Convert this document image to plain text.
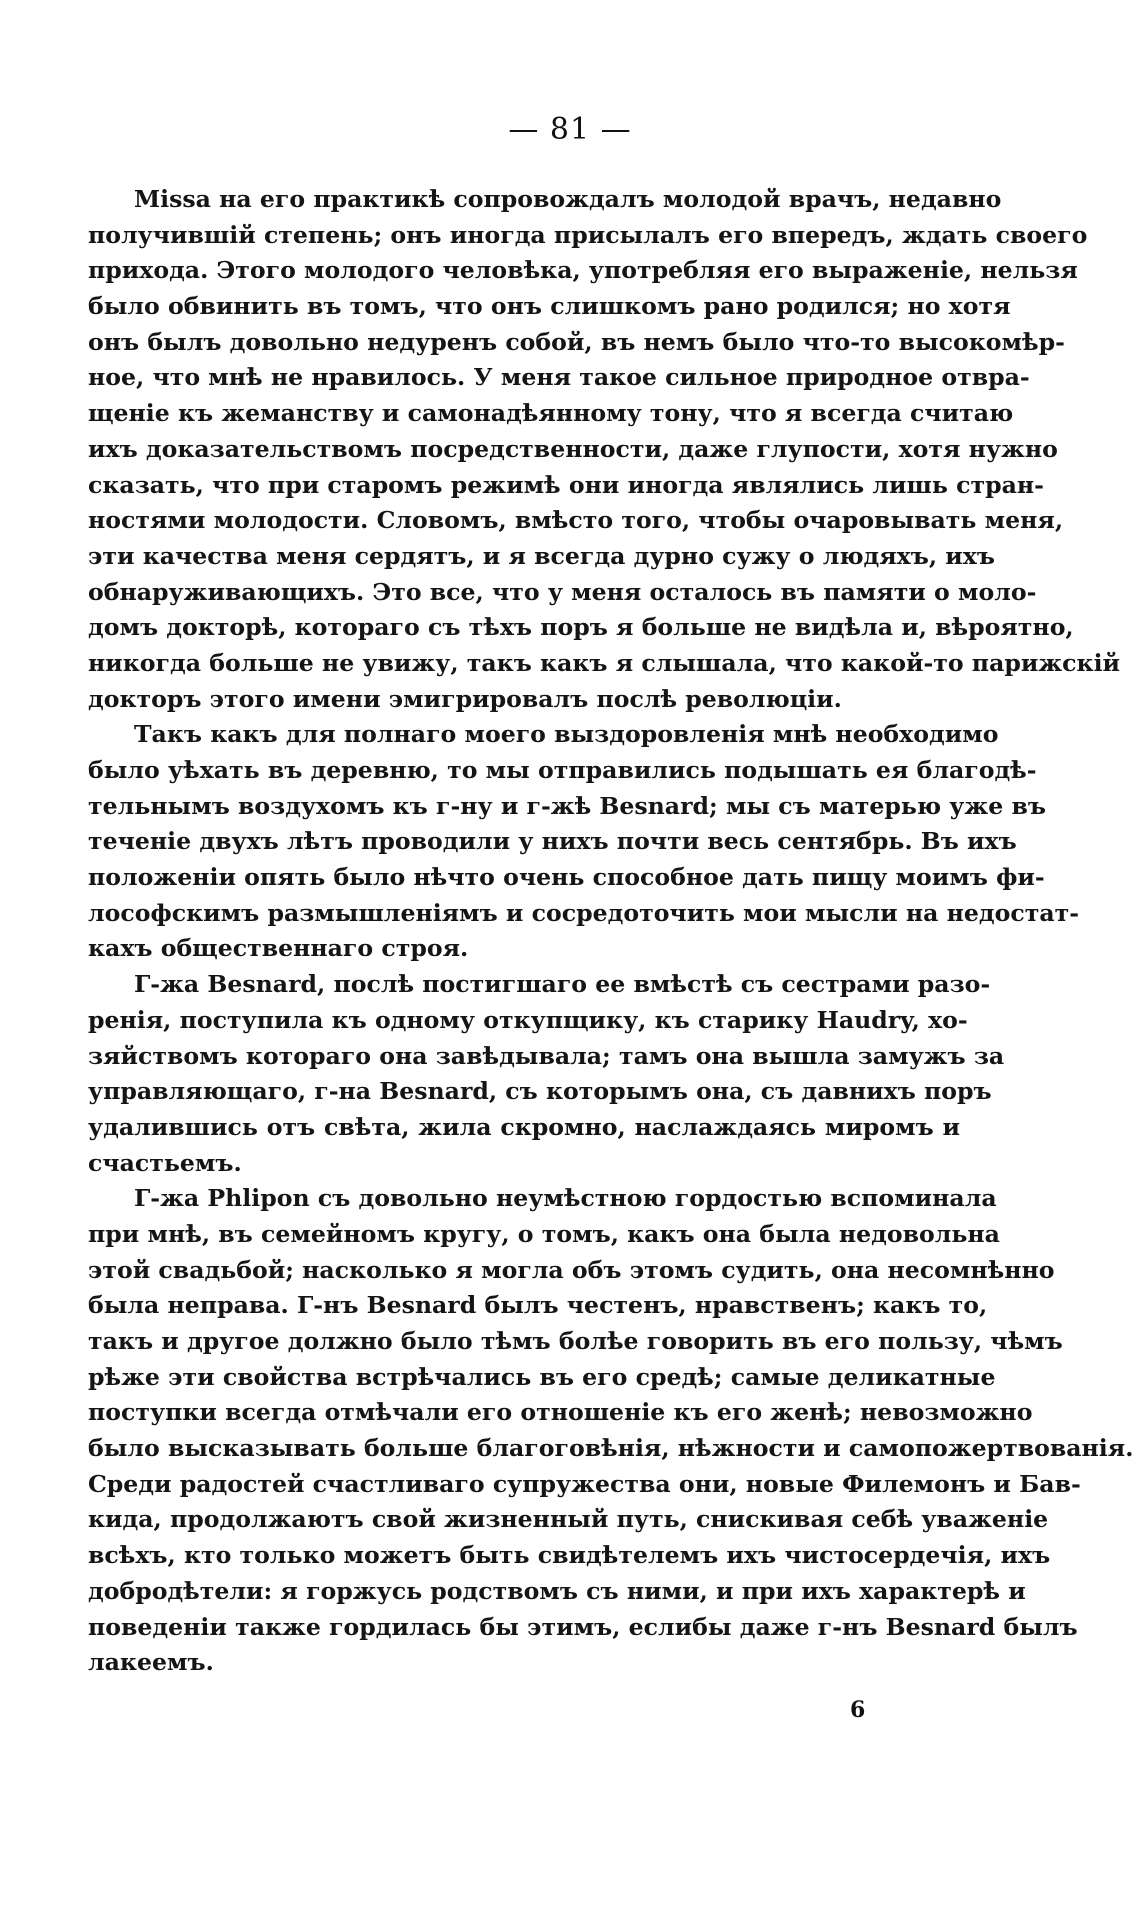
— 81 —
Missa на его практикѣ сопровождалъ молодой врачъ, недавно
получившій степень; онъ иногда присылалъ его впередъ, ждать своего
прихода. Этого молодого человѣка, употребляя его выраженіе, нельзя
было обвинить въ томъ, что онъ слишкомъ рано родился; но хотя
онъ былъ довольно недуренъ собой, въ немъ было что-то высокомѣр-
ное, что мнѣ не нравилось. У меня такое сильное природное отвра-
щеніе къ жеманству и самонадѣянному тону, что я всегда считаю
ихъ доказательствомъ посредственности, даже глупости, хотя нужно
сказать, что при старомъ режимѣ они иногда являлись лишь стран-
ностями молодости. Словомъ, вмѣсто того, чтобы очаровывать меня,
эти качества меня сердятъ, и я всегда дурно сужу о людяхъ, ихъ
обнаруживающихъ. Это все, что у меня осталось въ памяти о моло-
домъ докторѣ, котораго съ тѣхъ поръ я больше не видѣла и, вѣроятно,
никогда больше не увижу, такъ какъ я слышала, что какой-то парижскій
докторъ этого имени эмигрировалъ послѣ революціи.
Такъ какъ для полнаго моего выздоровленія мнѣ необходимо
было уѣхать въ деревню, то мы отправились подышать ея благодѣ-
тельнымъ воздухомъ къ г-ну и г-жѣ Besnard; мы съ матерью уже въ
теченіе двухъ лѣтъ проводили у нихъ почти весь сентябрь. Въ ихъ
положеніи опять было нѣчто очень способное дать пищу моимъ фи-
лософскимъ размышленіямъ и сосредоточить мои мысли на недостат-
кахъ общественнаго строя.
Г-жа Besnard, послѣ постигшаго ее вмѣстѣ съ сестрами разо-
ренія, поступила къ одному откупщику, къ старику Haudry, хо-
зяйствомъ котораго она завѣдывала; тамъ она вышла замужъ за
управляющаго, г-на Besnard, съ которымъ она, съ давнихъ поръ
удалившись отъ свѣта, жила скромно, наслаждаясь миромъ и
счастьемъ.
Г-жа Phlipon съ довольно неумѣстною гордостью вспоминала
при мнѣ, въ семейномъ кругу, о томъ, какъ она была недовольна
этой свадьбой; насколько я могла объ этомъ судить, она несомнѣнно
была неправа. Г-нъ Besnard былъ честенъ, нравственъ; какъ то,
такъ и другое должно было тѣмъ болѣе говорить въ его пользу, чѣмъ
рѣже эти свойства встрѣчались въ его средѣ; самые деликатные
поступки всегда отмѣчали его отношеніе къ его женѣ; невозможно
было высказывать больше благоговѣнія, нѣжности и самопожертвованія.
Среди радостей счастливаго супружества они, новые Филемонъ и Бав-
кида, продолжаютъ свой жизненный путь, снискивая себѣ уваженіе
всѣхъ, кто только можетъ быть свидѣтелемъ ихъ чистосердечія, ихъ
добродѣтели: я горжусь родствомъ съ ними, и при ихъ характерѣ и
поведеніи также гордилась бы этимъ, еслибы даже г-нъ Besnard былъ
лакеемъ.
6
